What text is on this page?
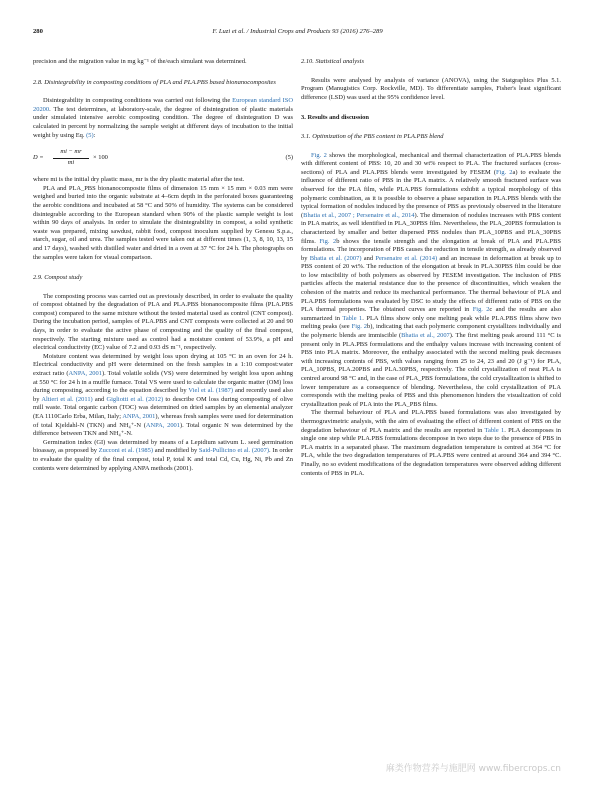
280	F. Luzi et al. / Industrial Crops and Products 93 (2016) 276–289

precision and the migration value in mg kg⁻¹ of the/each simulant was determined.

2.8. Disintegrability in composting conditions of PLA and PLA.PBS based bionanocomposites

Disintegrability in composting conditions was carried out following the European standard ISO 20200. The test determines, at laboratory-scale, the degree of disintegration of plastic materials under simulated intensive aerobic composting condition. The degree of disintegration D was calculated in percent by normalizing the sample weight at different days of incubation to the initial weight by using Eq. (5):

$D = \frac{mi - mr}{mi} \times 100$	(5)

where mi is the initial dry plastic mass, mr is the dry plastic material after the test.

PLA and PLA_PBS bionanocomposite films of dimension 15 mm × 15 mm × 0.03 mm were weighed and buried into the organic substrate at 4–6cm depth in the perforated boxes guaranteeing the aerobic conditions and incubated at 58 °C and 50% of humidity. The systems can be considered disintegrable according to the European standard when 90% of the plastic sample weight is lost within 90 days of analysis. In order to simulate the disintegrability in compost, a solid synthetic waste was prepared, mixing sawdust, rabbit food, compost inoculum supplied by Genesu S.p.a., starch, sugar, oil and urea. The samples tested were taken out at different times (1, 3, 8, 10, 13, 15 and 17 days), washed with distilled water and dried in a oven at 37 °C for 24 h. The photographs on the samples were taken for visual comparison.

2.9. Compost study

The composting process was carried out as previously described, in order to evaluate the quality of compost obtained by the degradation of PLA and PLA.PBS bionanocomposite films (PLA.PBS compost) compared to the same mixture without the tested material used as control (CNT compost). During the incubation period, samples of PLA.PBS and CNT composts were collected at 20 and 90 days, in order to evaluate the active phase of composting and the quality of the final compost, respectively. The starting mixture used as control had a moisture content of 53.9%, a pH and electrical conductivity (EC) value of 7.2 and 0.93 dS m⁻¹, respectively.

Moisture content was determined by weight loss upon drying at 105 °C in an oven for 24 h. Electrical conductivity and pH were determined on the fresh samples in a 1:10 compost:water extract ratio (ANPA, 2001). Total volatile solids (VS) were determined by weight loss upon ashing at 550 °C for 24 h in a muffle furnace. Total VS were used to calculate the organic matter (OM) loss during composting, according to the equation described by Viel et al. (1987) and recently used also by Altieri et al. (2011) and Gigliotti et al. (2012) to describe OM loss during composting of olive mill waste. Total organic carbon (TOC) was determined on dried samples by an elemental analyzer (EA 1110Carlo Erba, Milan, Italy; ANPA, 2001), whereas fresh samples were used for determination of total Kjeldahl-N (TKN) and NH₄⁺-N (ANPA, 2001). Total organic N was determined by the difference between TKN and NH₄⁺-N.

Germination index (GI) was determined by means of a Lepidium sativum L. seed germination bioassay, as proposed by Zucconi et al. (1985) and modified by Said-Pullicino et al. (2007). In order to evaluate the quality of the final compost, total P, total K and total Cd, Cu, Hg, Ni, Pb and Zn contents were determined by applying ANPA methods (2001).

2.10. Statistical analysis

Results were analysed by analysis of variance (ANOVA), using the Statgraphics Plus 5.1. Program (Manugistics Corp. Rockville, MD). To differentiate samples, Fisher's least significant difference (LSD) was used at the 95% confidence level.

3. Results and discussion
3.1. Optimization of the PBS content in PLA.PBS blend

Fig. 2 shows the morphological, mechanical and thermal characterization of PLA.PBS blends with different content of PBS: 10, 20 and 30 wt% respect to PLA. The fractured surfaces (cross-sections) of PLA and PLA.PBS blends were investigated by FESEM (Fig. 2a) to evaluate the influence of different ratio of PBS in the PLA matrix. A relatively smooth fractured surface was observed for the PLA film, while PLA.PBS formulations exhibit a typical morphology of this polymeric combination, as it is possible to observe a phase separation in PLA.PBS blends with the typical formation of nodules induced by the presence of PBS as previously observed in the literature (Bhatia et al., 2007 ; Persenaire et al., 2014). The dimension of nodules increases with PBS content in PLA matrix, as well identified in PLA_30PBS film. Nevertheless, the PLA_20PBS formulation is characterized by smaller and better dispersed PBS nodules than PLA_10PBS and PLA_30PBS films. Fig. 2b shows the tensile strength and the elongation at break of PLA and PLA.PBS formulations. The incorporation of PBS causes the reduction in tensile strength, as already observed by Bhatia et al. (2007) and Persenaire et al. (2014) and an increase in deformation at break up to PBS content of 20 wt%. The reduction of the elongation at break in PLA.30PBS film could be due to low miscibility of both polymers as observed by FESEM investigation. The inclusion of PBS particles affects the material resistance due to the presence of discontinuities, which weaken the cohesion of the matrix and reduce its mechanical performance. The thermal behaviour of PLA and PLA.PBS formulations was evaluated by DSC to study the effects of different ratio of PBS on the PLA thermal properties. The obtained curves are reported in Fig. 2c and the results are also summarized in Table 1. PLA films show only one melting peak while PLA.PBS films show two melting peaks (see Fig. 2b), indicating that each polymeric component crystallizes individually and the polymeric blends are immiscible (Bhatia et al., 2007). The first melting peak around 111 °C is present only in PLA.PBS formulations and the enthalpy values increase with increasing content of PBS into PLA matrix. Moreover, the enthalpy associated with the second melting peak decreases with increasing contents of PBS, with values ranging from 25 to 24, 23 and 20 (J g⁻¹) for PLA, PLA_10PBS, PLA.20PBS and PLA.30PBS, respectively. The cold crystallization of neat PLA is centred around 98 °C and, in the case of PLA_PBS formulations, the cold crystallization is shifted to lower temperature as a consequence of blending. Nevertheless, the cold crystallization of PLA corresponds with the melting peaks of PBS and this phenomenon hinders the visualization of cold crystallization peak of PLA into the PLA_PBS films.

The thermal behaviour of PLA and PLA.PBS based formulations was also investigated by thermogravimetric analysis, with the aim of evaluating the effect of different content of PBS on the degradation behaviour of PLA matrix and the results are reported in Table 1. PLA decomposes in single one step while PLA.PBS formulations decompose in two steps due to the presence of PBS in PLA matrix in a separated phase. The maximum degradation temperature is centred at 364 °C for PLA, while the two degradation temperatures of PLA.PBS were centred at around 364 and 394 °C. Finally, no so evident modifications of the degradation temperatures were observed adding different contents of PBS in PLA.

麻类作物营养与施肥网 www.fibercrops.cn
